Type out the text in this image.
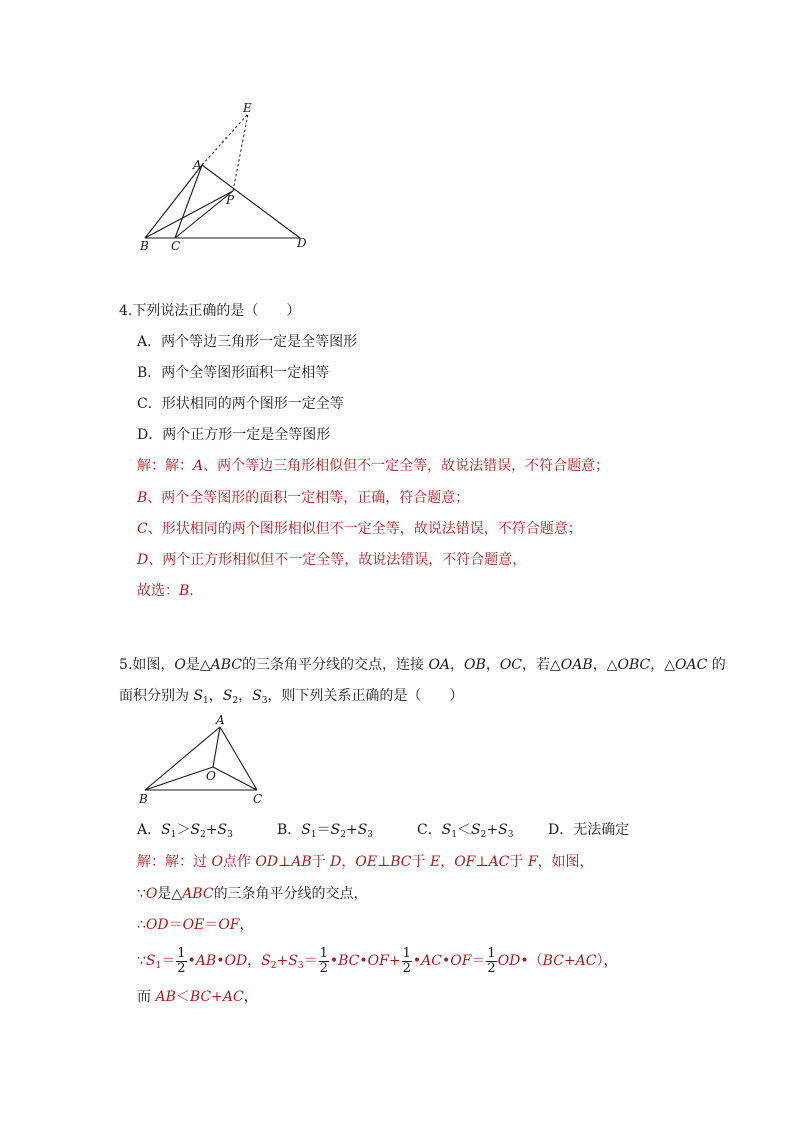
E
A
P
B C	D
4.下列说法正确的是（　　）
A．两个等边三角形一定是全等图形
B．两个全等图形面积一定相等
C．形状相同的两个图形一定全等
D．两个正方形一定是全等图形
解：解：A、两个等边三角形相似但不一定全等，故说法错误，不符合题意；
B、两个全等图形的面积一定相等，正确，符合题意；
C、形状相同的两个图形相似但不一定全等，故说法错误，不符合题意；
D、两个正方形相似但不一定全等，故说法错误，不符合题意，
故选：B.
5.如图，O是△ABC的三条角平分线的交点，连接 OA，OB，OC，若△OAB，△OBC，△OAC 的
面积分别为 $S_1$，$S_2$，$S_3$，则下列关系正确的是（　　）
A
O
B	C
A．$S_1>S_2+S_3$	B．$S_1=S_2+S_3$	C．$S_1<S_2+S_3$ D．无法确定
解：解：过 O点作 OD⊥AB于 D，OE⊥BC于 E，OF⊥AC于 F，如图，
∵O是△ABC的三条角平分线的交点，
∴OD＝OE＝OF，
$\because S_1= \frac{1}{2}$ •AB•OD，$S_2+S_3= \frac{1}{2}$ •BC•OF+ $\frac{1}{2}$ •AC•OF＝ $\frac{1}{2}$ OD•（BC+AC），
而 AB＜BC+AC，
